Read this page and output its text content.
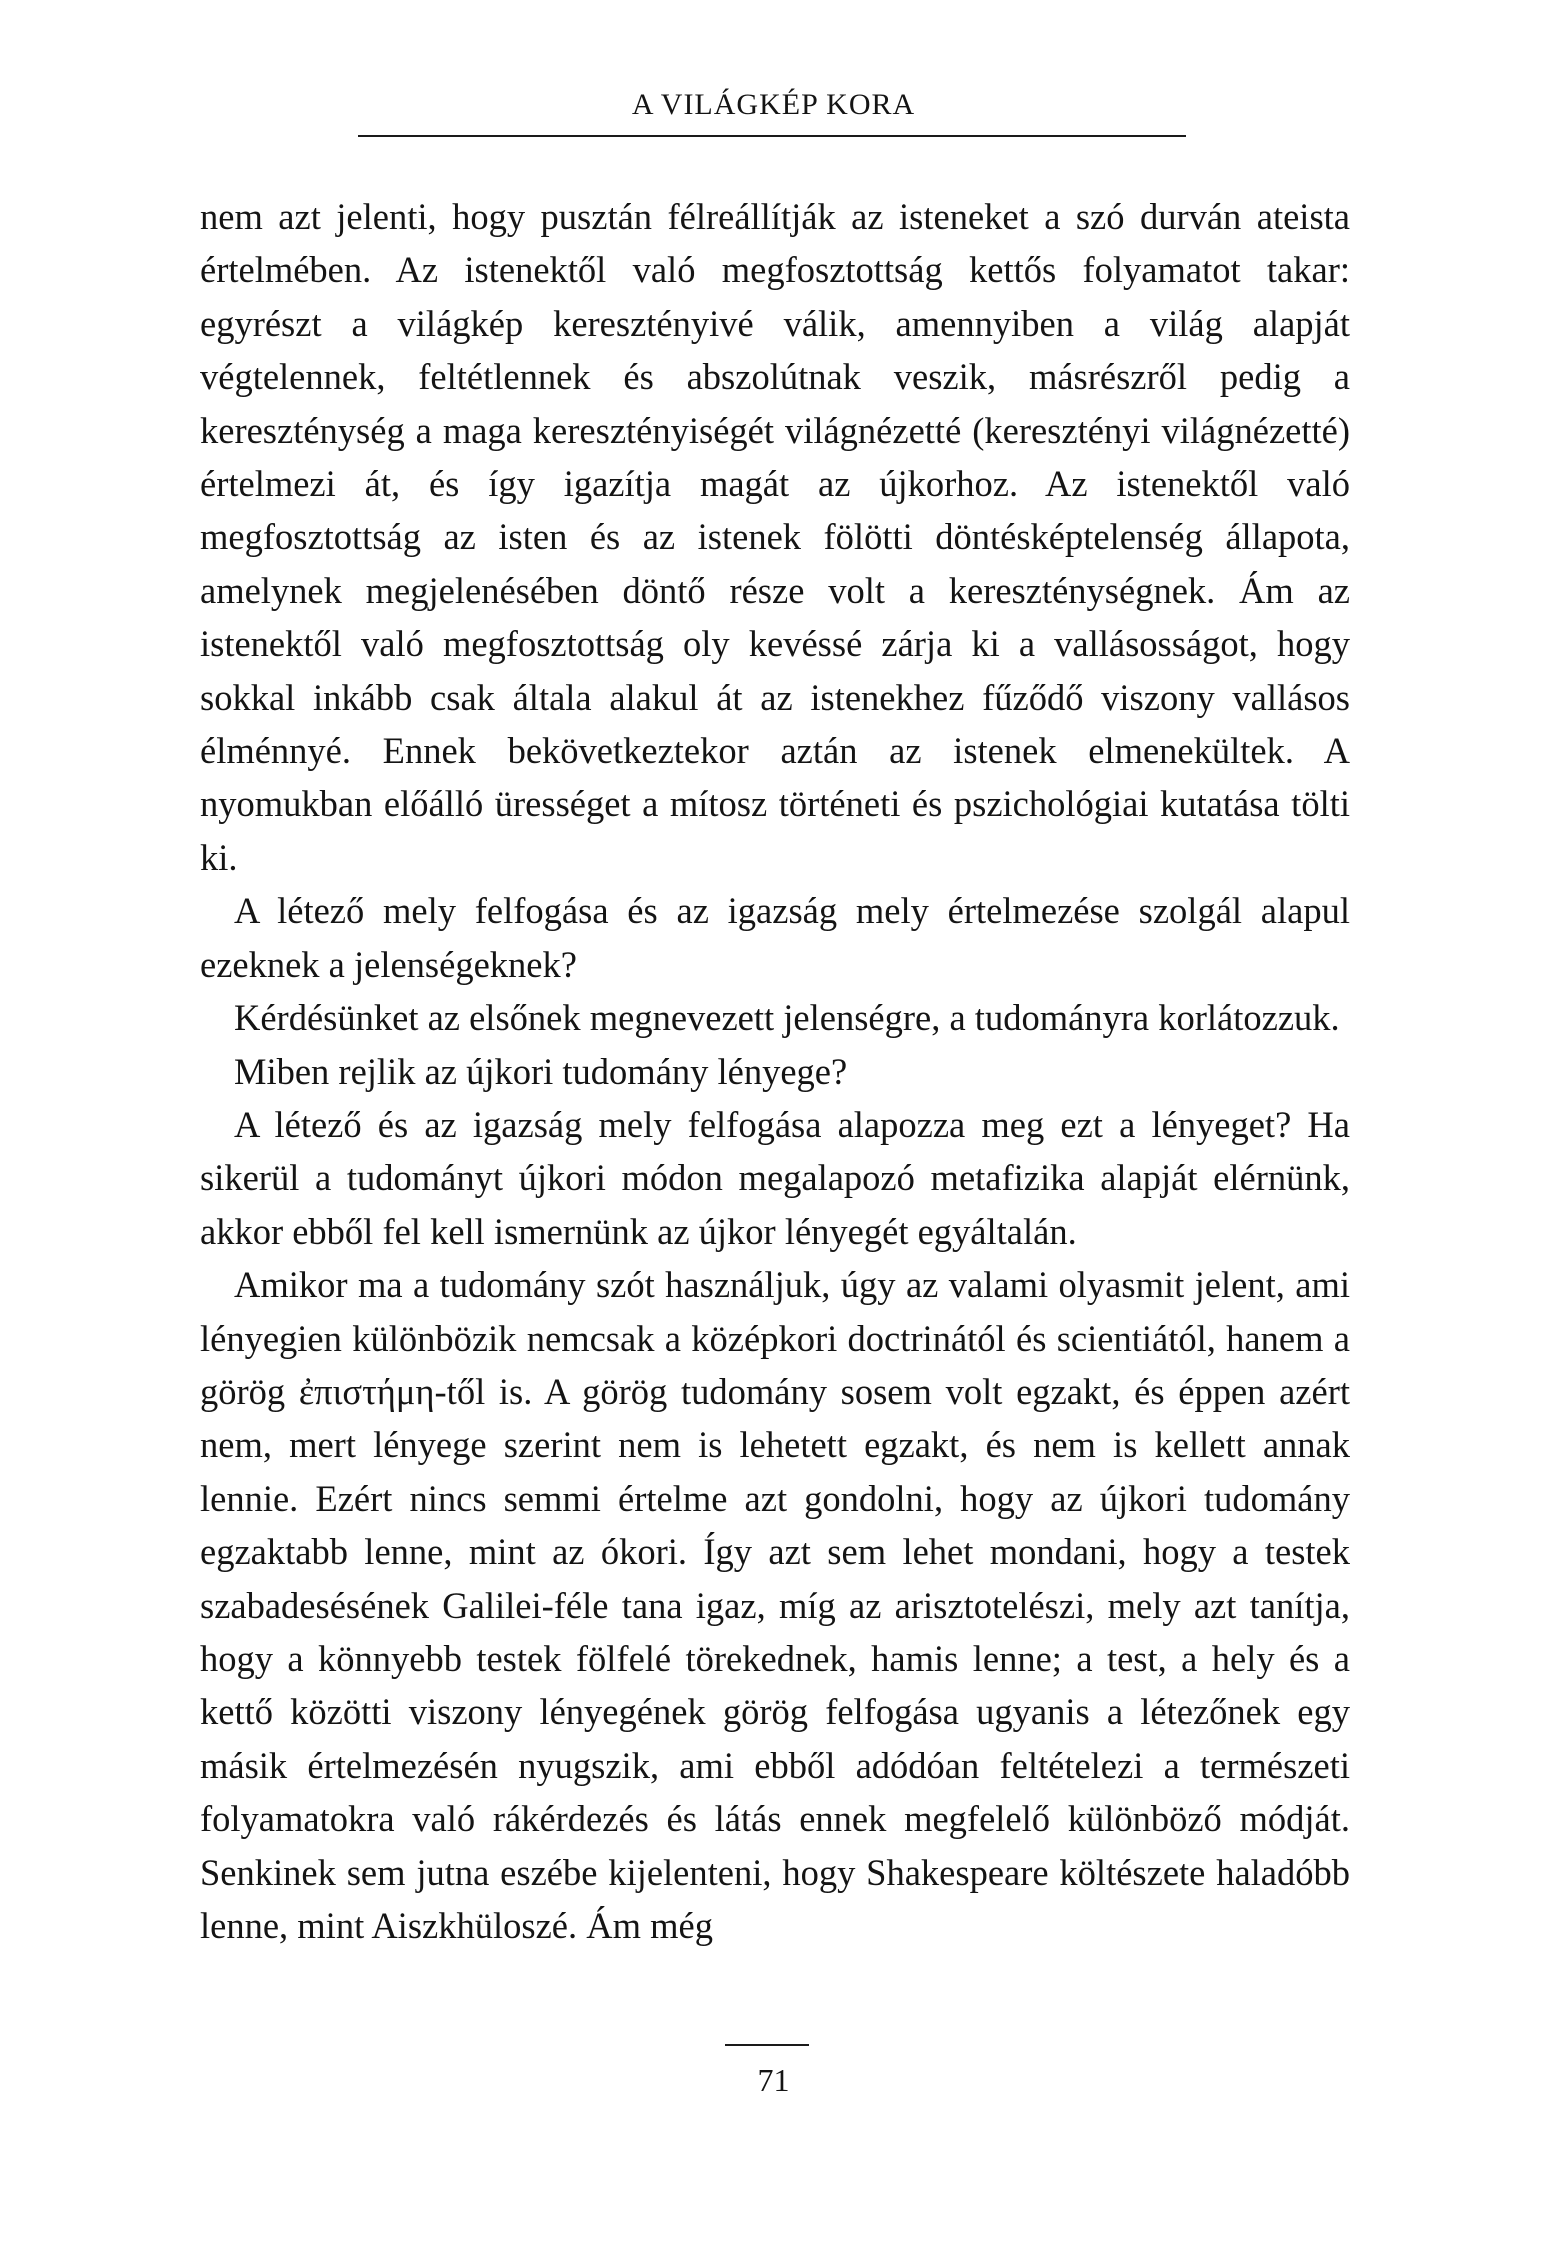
A VILÁGKÉP KORA

nem azt jelenti, hogy pusztán félreállítják az isteneket a szó durván ateista értelmében. Az istenektől való megfosztottság kettős folyamatot takar: egyrészt a világkép keresztényivé válik, amennyiben a világ alapját végtelennek, feltétlennek és abszolútnak veszik, másrészről pedig a kereszténység a maga keresztényiségét világnézetté (keresztényi világnézetté) értelmezi át, és így igazítja magát az újkorhoz. Az istenektől való megfosztottság az isten és az istenek fölötti döntésképtelenség állapota, amelynek megjelenésében döntő része volt a kereszténységnek. Ám az istenektől való megfosztottság oly kevéssé zárja ki a vallásosságot, hogy sokkal inkább csak általa alakul át az istenekhez fűződő viszony vallásos élménnyé. Ennek bekövetkeztekor aztán az istenek elmenekültek. A nyomukban előálló ürességet a mítosz történeti és pszichológiai kutatása tölti ki.

A létező mely felfogása és az igazság mely értelmezése szolgál alapul ezeknek a jelenségeknek?

Kérdésünket az elsőnek megnevezett jelenségre, a tudományra korlátozzuk.

Miben rejlik az újkori tudomány lényege?

A létező és az igazság mely felfogása alapozza meg ezt a lényeget? Ha sikerül a tudományt újkori módon megalapozó metafizika alapját elérnünk, akkor ebből fel kell ismernünk az újkor lényegét egyáltalán.

Amikor ma a tudomány szót használjuk, úgy az valami olyasmit jelent, ami lényegien különbözik nemcsak a középkori doctrinától és scientiától, hanem a görög ἐπιστήμη-től is. A görög tudomány sosem volt egzakt, és éppen azért nem, mert lényege szerint nem is lehetett egzakt, és nem is kellett annak lennie. Ezért nincs semmi értelme azt gondolni, hogy az újkori tudomány egzaktabb lenne, mint az ókori. Így azt sem lehet mondani, hogy a testek szabadesésének Galilei-féle tana igaz, míg az arisztotelészi, mely azt tanítja, hogy a könnyebb testek fölfelé törekednek, hamis lenne; a test, a hely és a kettő közötti viszony lényegének görög felfogása ugyanis a létezőnek egy másik értelmezésén nyugszik, ami ebből adódóan feltételezi a természeti folyamatokra való rákérdezés és látás ennek megfelelő különböző módját. Senkinek sem jutna eszébe kijelenteni, hogy Shakespeare költészete haladóbb lenne, mint Aiszkhüloszé. Ám még

71
